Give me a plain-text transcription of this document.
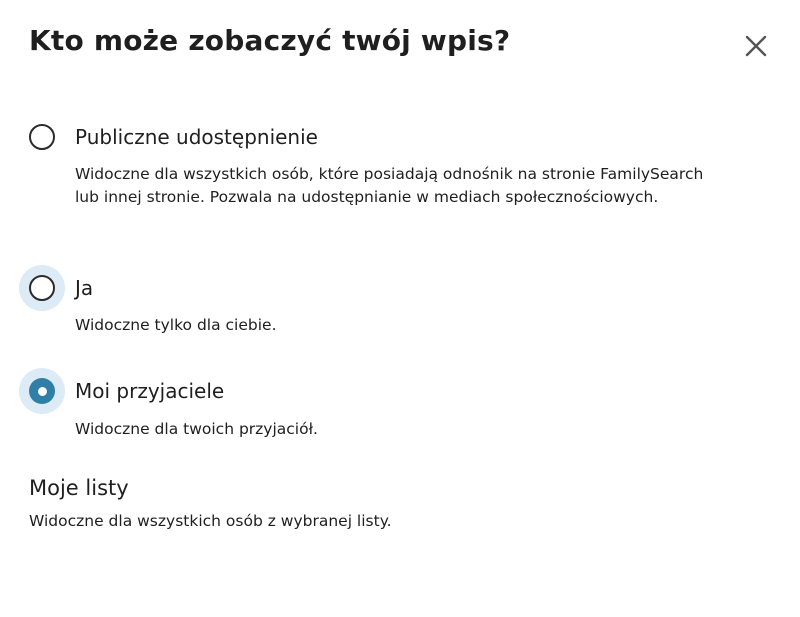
Kto może zobaczyć twój wpis?
Publiczne udostępnienie
Widoczne dla wszystkich osób, które posiadają odnośnik na stronie FamilySearch lub innej stronie. Pozwala na udostępnianie w mediach społecznościowych.
Ja
Widoczne tylko dla ciebie.
Moi przyjaciele
Widoczne dla twoich przyjaciół.
Moje listy
Widoczne dla wszystkich osób z wybranej listy.
